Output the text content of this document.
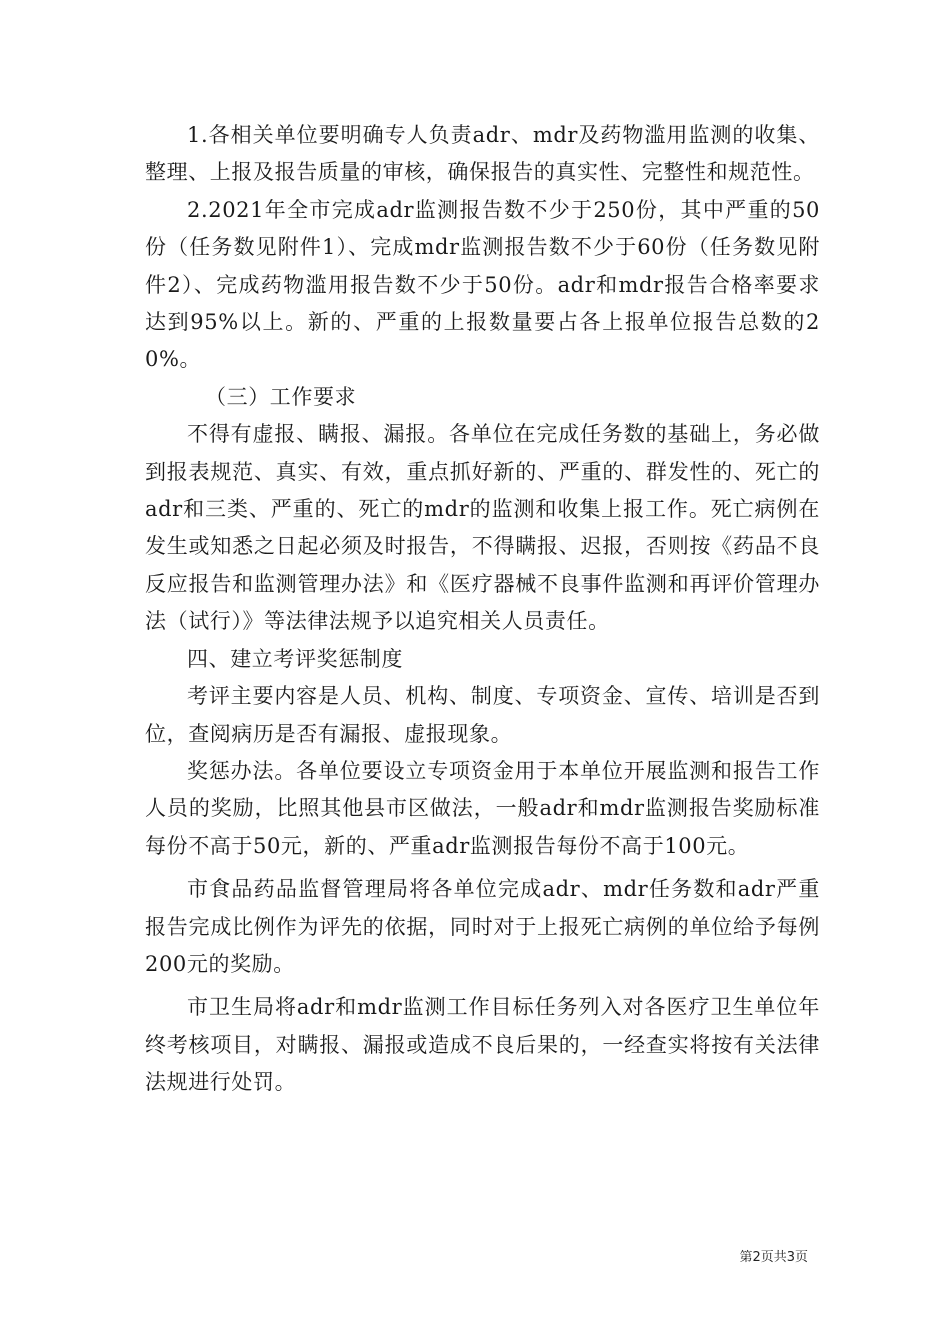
1.各相关单位要明确专人负责adr、mdr及药物滥用监测的收集、整理、上报及报告质量的审核，确保报告的真实性、完整性和规范性。

2.2021年全市完成adr监测报告数不少于250份，其中严重的50份（任务数见附件1）、完成mdr监测报告数不少于60份（任务数见附件2）、完成药物滥用报告数不少于50份。adr和mdr报告合格率要求达到95%以上。新的、严重的上报数量要占各上报单位报告总数的20%。

（三）工作要求

不得有虚报、瞒报、漏报。各单位在完成任务数的基础上，务必做到报表规范、真实、有效，重点抓好新的、严重的、群发性的、死亡的adr和三类、严重的、死亡的mdr的监测和收集上报工作。死亡病例在发生或知悉之日起必须及时报告，不得瞒报、迟报，否则按《药品不良反应报告和监测管理办法》和《医疗器械不良事件监测和再评价管理办法（试行）》等法律法规予以追究相关人员责任。

四、建立考评奖惩制度

考评主要内容是人员、机构、制度、专项资金、宣传、培训是否到位，查阅病历是否有漏报、虚报现象。

奖惩办法。各单位要设立专项资金用于本单位开展监测和报告工作人员的奖励，比照其他县市区做法，一般adr和mdr监测报告奖励标准每份不高于50元，新的、严重adr监测报告每份不高于100元。

市食品药品监督管理局将各单位完成adr、mdr任务数和adr严重报告完成比例作为评先的依据，同时对于上报死亡病例的单位给予每例200元的奖励。

市卫生局将adr和mdr监测工作目标任务列入对各医疗卫生单位年终考核项目，对瞒报、漏报或造成不良后果的，一经查实将按有关法律法规进行处罚。

第2页共3页
